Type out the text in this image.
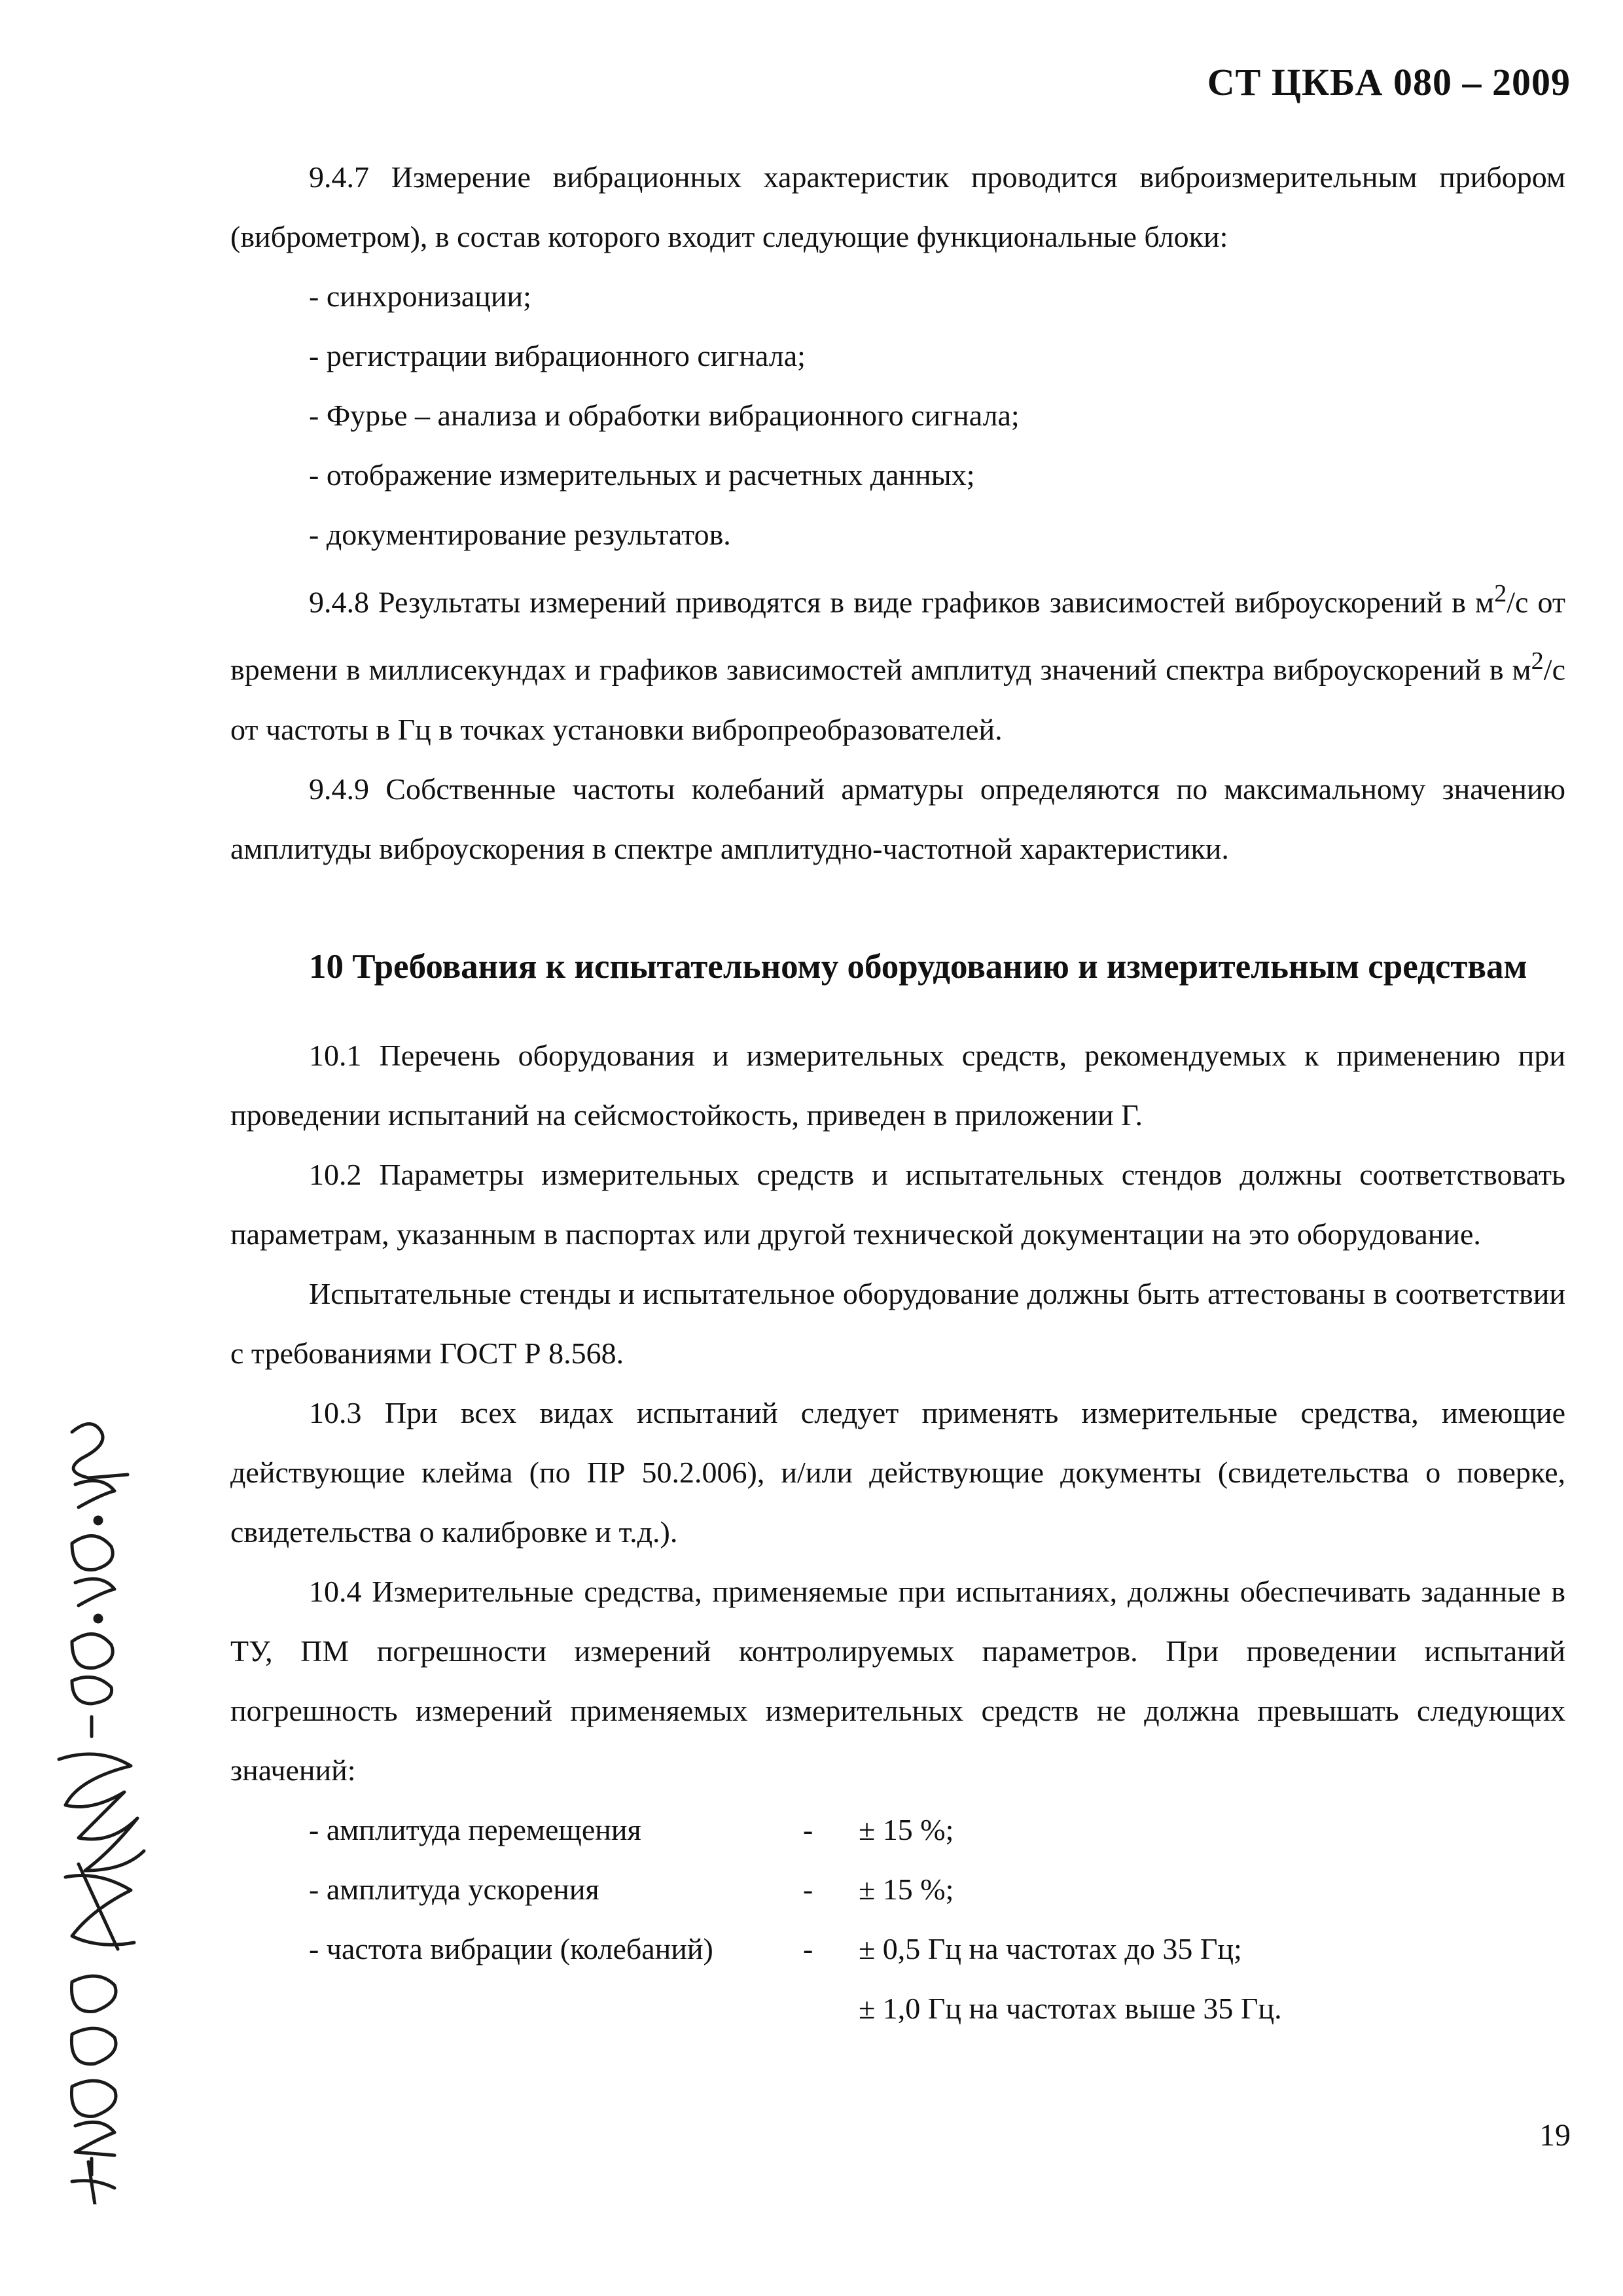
СТ ЦКБА 080 – 2009

9.4.7 Измерение вибрационных характеристик проводится виброизмерительным прибором (виброметром), в состав которого входит следующие функциональные блоки:

- синхронизации;

- регистрации вибрационного сигнала;

- Фурье – анализа и обработки вибрационного сигнала;

- отображение измерительных и расчетных данных;

- документирование результатов.

9.4.8 Результаты измерений приводятся в виде графиков зависимостей виброускорений в $м^2/с$ от времени в миллисекундах и графиков зависимостей амплитуд значений спектра виброускорений в $м^2/с$ от частоты в Гц в точках установки вибропреобразователей.

9.4.9 Собственные частоты колебаний арматуры определяются по максимальному значению амплитуды виброускорения в спектре амплитудно-частотной характеристики.

10 Требования к испытательному оборудованию и измерительным средствам

10.1 Перечень оборудования и измерительных средств, рекомендуемых к применению при проведении испытаний на сейсмостойкость, приведен в приложении Г.

10.2 Параметры измерительных средств и испытательных стендов должны соответствовать параметрам, указанным в паспортах или другой технической документации на это оборудование.

Испытательные стенды и испытательное оборудование должны быть аттестованы в соответствии с требованиями ГОСТ Р 8.568.

10.3 При всех видах испытаний следует применять измерительные средства, имеющие действующие клейма (по ПР 50.2.006), и/или действующие документы (свидетельства о поверке, свидетельства о калибровке и т.д.).

10.4 Измерительные средства, применяемые при испытаниях, должны обеспечивать заданные в ТУ, ПМ погрешности измерений контролируемых параметров. При проведении испытаний погрешность измерений применяемых измерительных средств не должна превышать следующих значений:

- амплитуда перемещения	-	± 15 %;
- амплитуда ускорения	-	± 15 %;
- частота вибрации (колебаний)	-	± 0,5 Гц на частотах до 35 Гц;
± 1,0 Гц на частотах выше 35 Гц.
19
